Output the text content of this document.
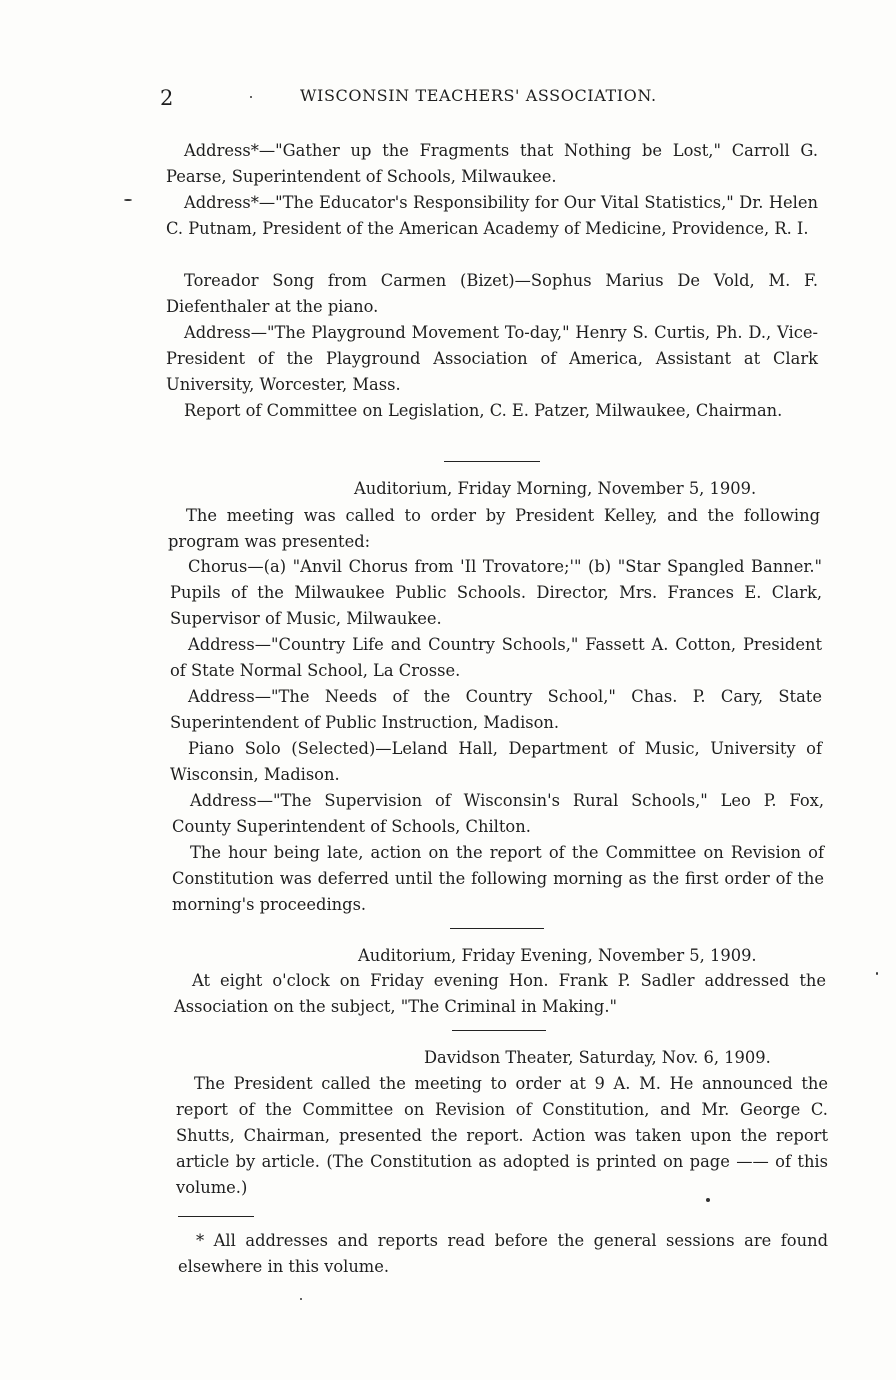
2	WISCONSIN TEACHERS' ASSOCIATION.

Address*—"Gather up the Fragments that Nothing be Lost," Carroll G. Pearse, Superintendent of Schools, Milwaukee.

Address*—"The Educator's Responsibility for Our Vital Statistics," Dr. Helen C. Putnam, President of the American Academy of Medicine, Providence, R. I.

Toreador Song from Carmen (Bizet)—Sophus Marius De Vold, M. F. Diefenthaler at the piano.

Address—"The Playground Movement To-day," Henry S. Curtis, Ph. D., Vice-President of the Playground Association of America, Assistant at Clark University, Worcester, Mass.

Report of Committee on Legislation, C. E. Patzer, Milwaukee, Chairman.

Auditorium, Friday Morning, November 5, 1909.

The meeting was called to order by President Kelley, and the following program was presented:

Chorus—(a) "Anvil Chorus from 'Il Trovatore;'" (b) "Star Spangled Banner." Pupils of the Milwaukee Public Schools. Director, Mrs. Frances E. Clark, Supervisor of Music, Milwaukee.

Address—"Country Life and Country Schools," Fassett A. Cotton, President of State Normal School, La Crosse.

Address—"The Needs of the Country School," Chas. P. Cary, State Superintendent of Public Instruction, Madison.

Piano Solo (Selected)—Leland Hall, Department of Music, University of Wisconsin, Madison.

Address—"The Supervision of Wisconsin's Rural Schools," Leo P. Fox, County Superintendent of Schools, Chilton.

The hour being late, action on the report of the Committee on Revision of Constitution was deferred until the following morning as the first order of the morning's proceedings.

Auditorium, Friday Evening, November 5, 1909.

At eight o'clock on Friday evening Hon. Frank P. Sadler addressed the Association on the subject, "The Criminal in Making."

Davidson Theater, Saturday, Nov. 6, 1909.

The President called the meeting to order at 9 A. M. He announced the report of the Committee on Revision of Constitution, and Mr. George C. Shutts, Chairman, presented the report. Action was taken upon the report article by article. (The Constitution as adopted is printed on page —— of this volume.)

* All addresses and reports read before the general sessions are found elsewhere in this volume.
